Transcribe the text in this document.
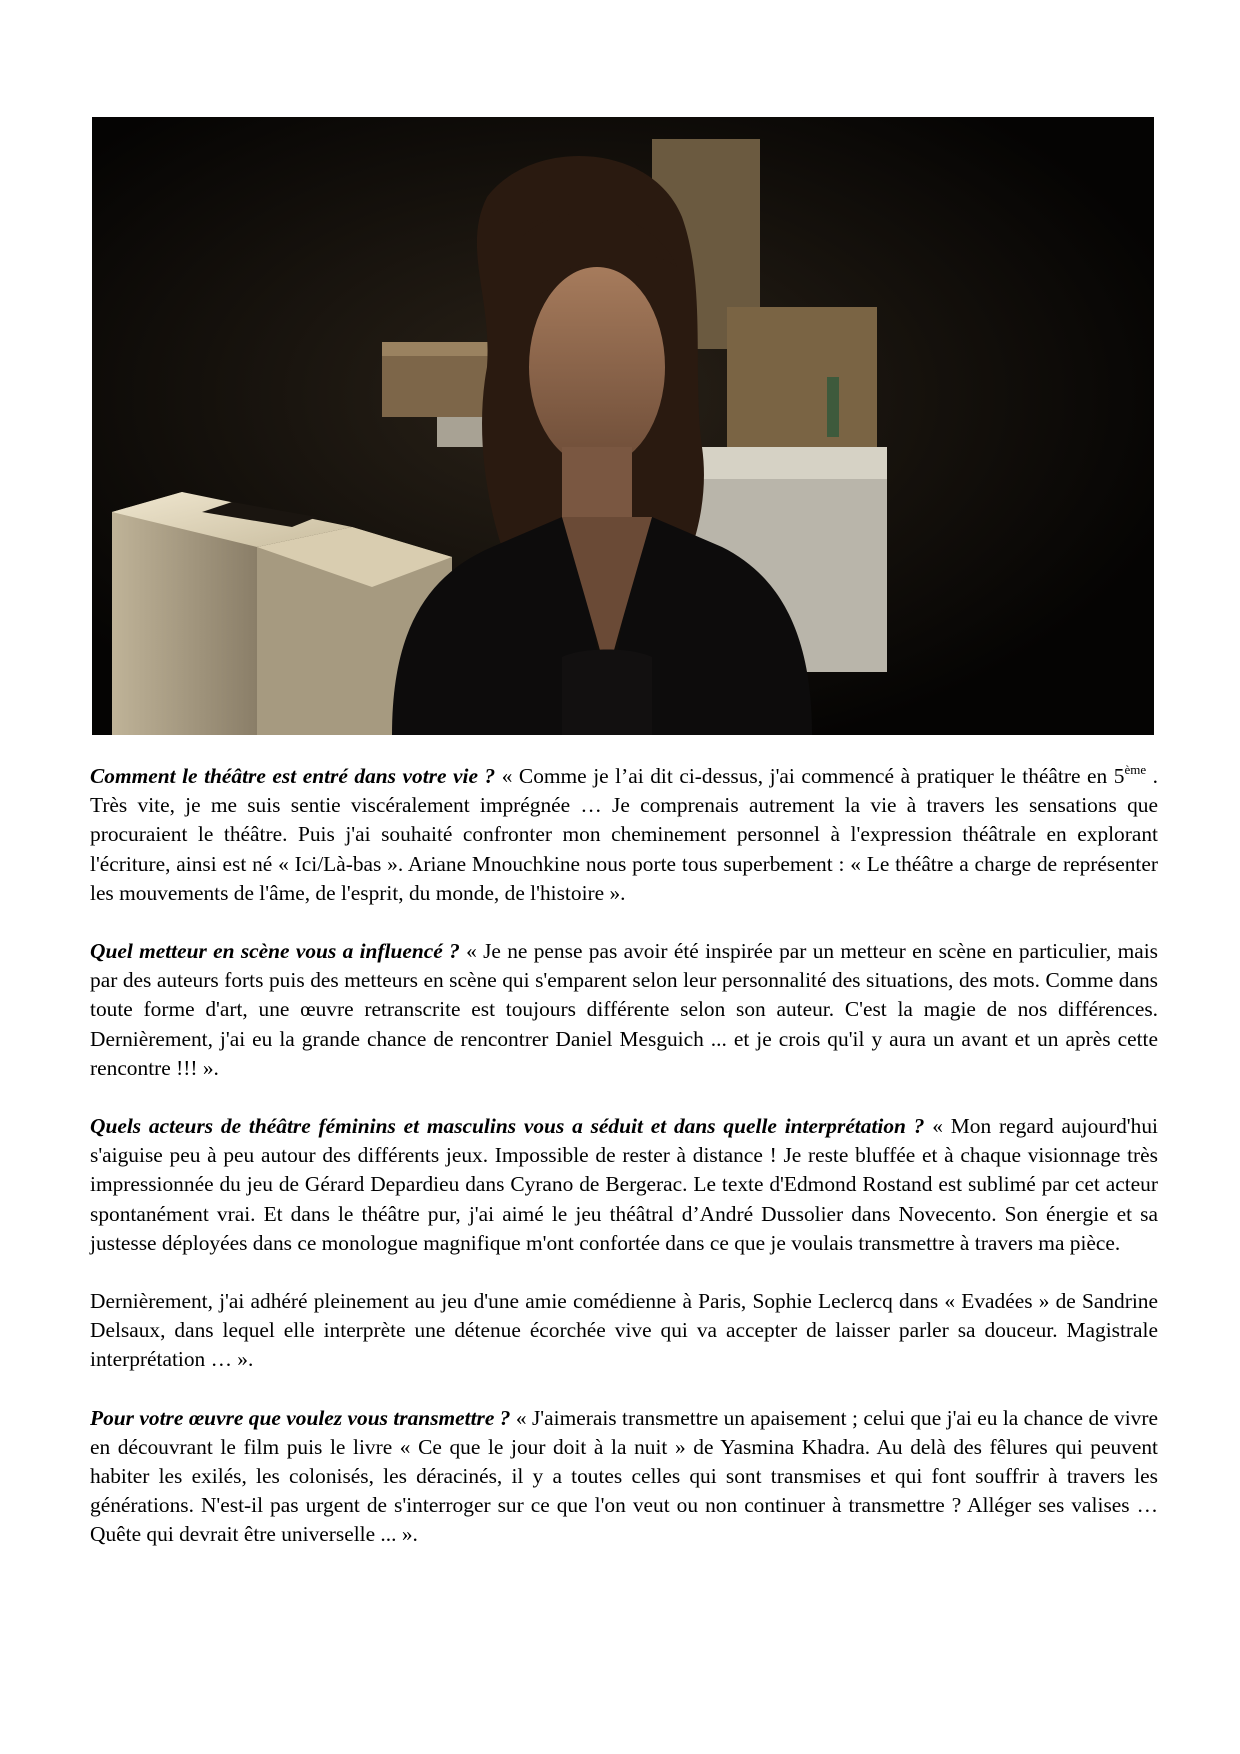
Comment le théâtre est entré dans votre vie ? « Comme je l’ai dit ci-dessus, j'ai commencé à pratiquer le théâtre en 5ème . Très vite, je me suis sentie viscéralement imprégnée … Je comprenais autrement la vie à travers les sensations que procuraient le théâtre. Puis j'ai souhaité confronter mon cheminement personnel à l'expression théâtrale en explorant l'écriture, ainsi est né « Ici/Là-bas ». Ariane Mnouchkine nous porte tous superbement : « Le théâtre a charge de représenter les mouvements de l'âme, de l'esprit, du monde, de l'histoire ».

Quel metteur en scène vous a influencé ? « Je ne pense pas avoir été inspirée par un metteur en scène en particulier, mais par des auteurs forts puis des metteurs en scène qui s'emparent selon leur personnalité des situations, des mots. Comme dans toute forme d'art, une œuvre retranscrite est toujours différente selon son auteur. C'est la magie de nos différences. Dernièrement, j'ai eu la grande chance de rencontrer Daniel Mesguich ... et je crois qu'il y aura un avant et un après cette rencontre !!! ».

Quels acteurs de théâtre féminins et masculins vous a séduit et dans quelle interprétation ? « Mon regard aujourd'hui s'aiguise peu à peu autour des différents jeux. Impossible de rester à distance ! Je reste bluffée et à chaque visionnage très impressionnée du jeu de Gérard Depardieu dans Cyrano de Bergerac. Le texte d'Edmond Rostand est sublimé par cet acteur spontanément vrai. Et dans le théâtre pur, j'ai aimé le jeu théâtral d’André Dussolier dans Novecento. Son énergie et sa justesse déployées dans ce monologue magnifique m'ont confortée dans ce que je voulais transmettre à travers ma pièce.

Dernièrement, j'ai adhéré pleinement au jeu d'une amie comédienne à Paris, Sophie Leclercq dans « Evadées » de Sandrine Delsaux, dans lequel elle interprète une détenue écorchée vive qui va accepter de laisser parler sa douceur. Magistrale interprétation … ».

Pour votre œuvre que voulez vous transmettre ? « J'aimerais transmettre un apaisement ; celui que j'ai eu la chance de vivre en découvrant le film puis le livre « Ce que le jour doit à la nuit » de Yasmina Khadra. Au delà des fêlures qui peuvent habiter les exilés, les colonisés, les déracinés, il y a toutes celles qui sont transmises et qui font souffrir à travers les générations. N'est-il pas urgent de s'interroger sur ce que l'on veut ou non continuer à transmettre ? Alléger ses valises … Quête qui devrait être universelle ... ».
